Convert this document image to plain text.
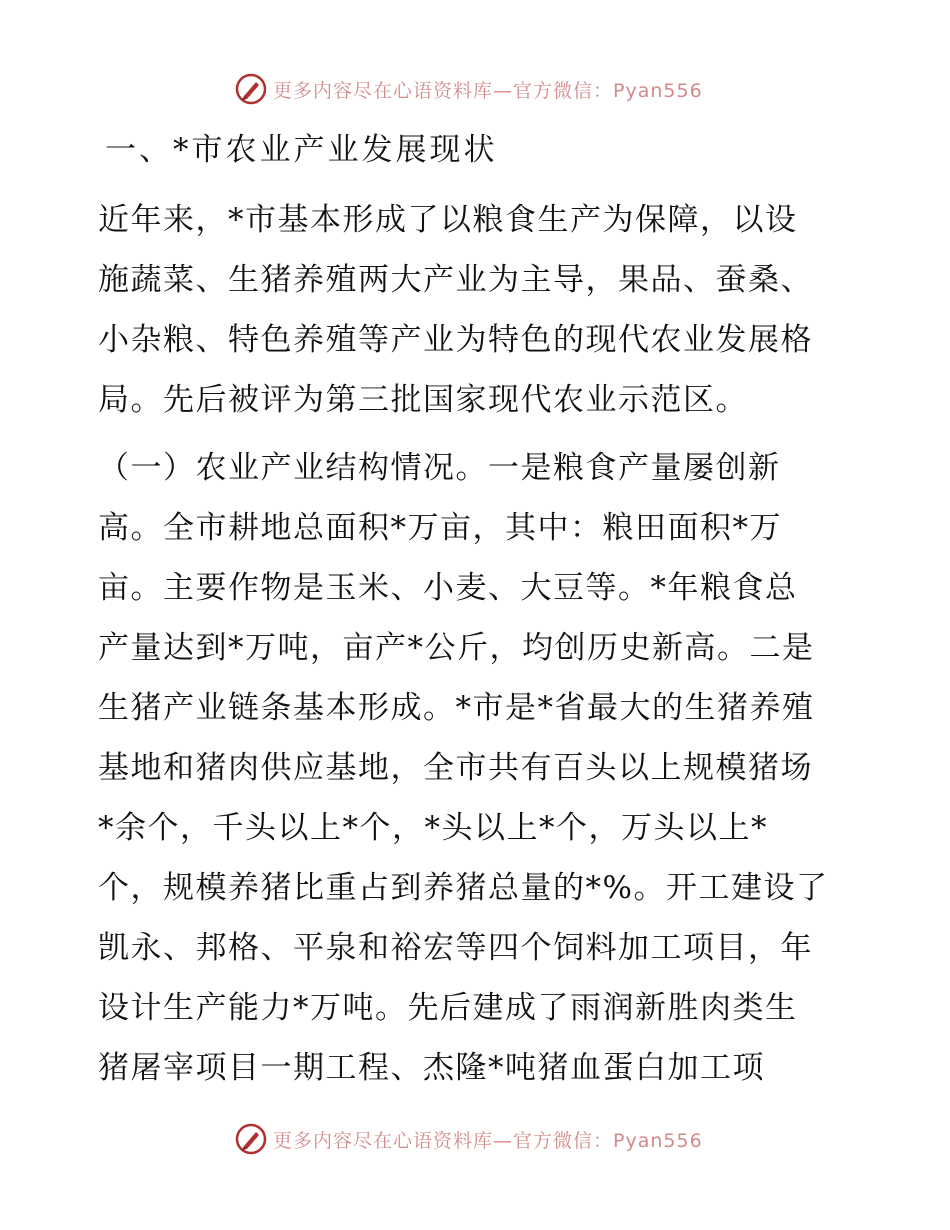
更多内容尽在心语资料库—官方微信：Pyan556
一、*市农业产业发展现状

近年来，*市基本形成了以粮食生产为保障，以设
施蔬菜、生猪养殖两大产业为主导，果品、蚕桑、
小杂粮、特色养殖等产业为特色的现代农业发展格
局。先后被评为第三批国家现代农业示范区。

（一）农业产业结构情况。一是粮食产量屡创新
高。全市耕地总面积*万亩，其中：粮田面积*万
亩。主要作物是玉米、小麦、大豆等。*年粮食总
产量达到*万吨，亩产*公斤，均创历史新高。二是
生猪产业链条基本形成。*市是*省最大的生猪养殖
基地和猪肉供应基地，全市共有百头以上规模猪场
*余个，千头以上*个，*头以上*个，万头以上*
个，规模养猪比重占到养猪总量的*%。开工建设了
凯永、邦格、平泉和裕宏等四个饲料加工项目，年
设计生产能力*万吨。先后建成了雨润新胜肉类生
猪屠宰项目一期工程、杰隆*吨猪血蛋白加工项

更多内容尽在心语资料库—官方微信：Pyan556
